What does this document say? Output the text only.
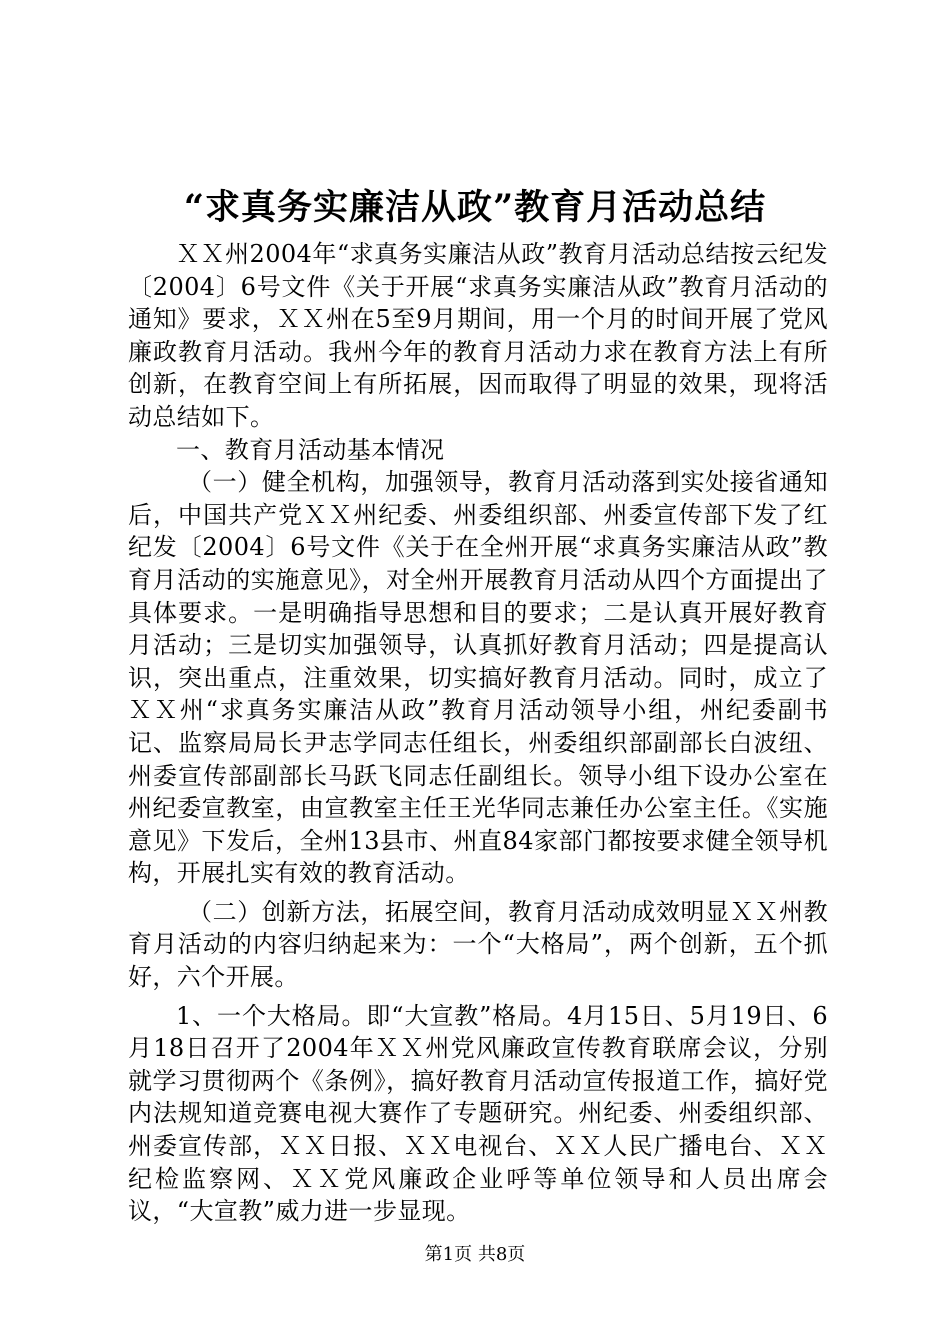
“求真务实廉洁从政”教育月活动总结

ＸＸ州2004年“求真务实廉洁从政”教育月活动总结按云纪发〔2004〕6号文件《关于开展“求真务实廉洁从政”教育月活动的通知》要求，ＸＸ州在5至9月期间，用一个月的时间开展了党风廉政教育月活动。我州今年的教育月活动力求在教育方法上有所创新，在教育空间上有所拓展，因而取得了明显的效果，现将活动总结如下。

一、教育月活动基本情况

（一）健全机构，加强领导，教育月活动落到实处接省通知后，中国共产党ＸＸ州纪委、州委组织部、州委宣传部下发了红纪发〔2004〕6号文件《关于在全州开展“求真务实廉洁从政”教育月活动的实施意见》，对全州开展教育月活动从四个方面提出了具体要求。一是明确指导思想和目的要求；二是认真开展好教育月活动；三是切实加强领导，认真抓好教育月活动；四是提高认识，突出重点，注重效果，切实搞好教育月活动。同时，成立了ＸＸ州“求真务实廉洁从政”教育月活动领导小组，州纪委副书记、监察局局长尹志学同志任组长，州委组织部副部长白波纽、州委宣传部副部长马跃飞同志任副组长。领导小组下设办公室在州纪委宣教室，由宣教室主任王光华同志兼任办公室主任。《实施意见》下发后，全州13县市、州直84家部门都按要求健全领导机构，开展扎实有效的教育活动。

（二）创新方法，拓展空间，教育月活动成效明显ＸＸ州教育月活动的内容归纳起来为：一个“大格局”，两个创新，五个抓好，六个开展。

1、一个大格局。即“大宣教”格局。4月15日、5月19日、6月18日召开了2004年ＸＸ州党风廉政宣传教育联席会议，分别就学习贯彻两个《条例》，搞好教育月活动宣传报道工作，搞好党内法规知道竞赛电视大赛作了专题研究。州纪委、州委组织部、州委宣传部，ＸＸ日报、ＸＸ电视台、ＸＸ人民广播电台、ＸＸ纪检监察网、ＸＸ党风廉政企业呼等单位领导和人员出席会议，“大宣教”威力进一步显现。

第1页 共8页
